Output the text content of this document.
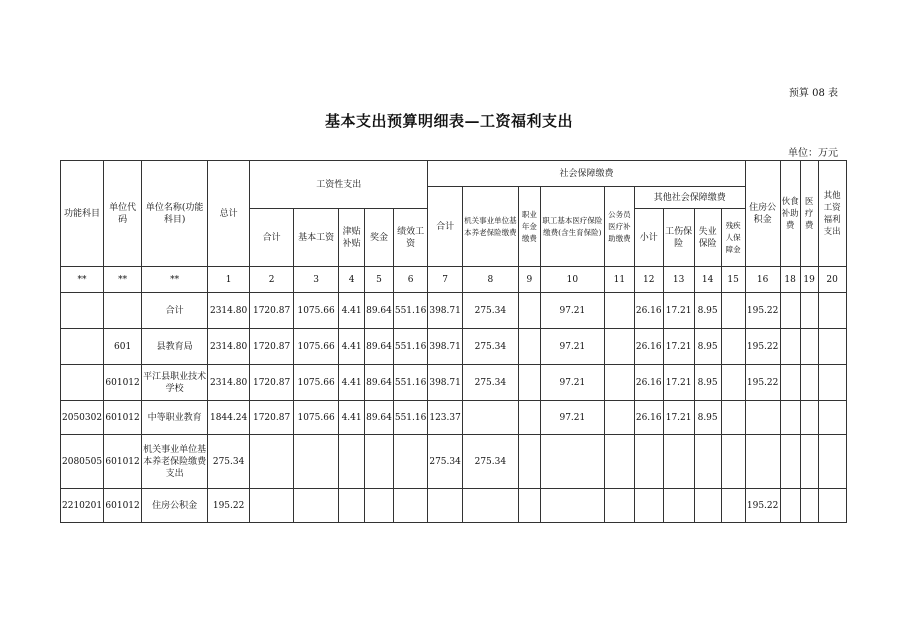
预算 08 表
基本支出预算明细表—工资福利支出
单位：万元
功能科目	单位代码	单位名称(功能科目)	总计	工资性支出					社会保障缴费									住房公积金	伙食补助费	医疗费	其他工资福利支出
									合计	机关事业单位基本养老保险缴费	职业年金缴费	职工基本医疗保险缴费(含生育保险)	公务员医疗补助缴费	其他社会保障缴费							
				合计	基本工资	津贴补贴	奖金	绩效工资						小计	工伤保险	失业保险	残疾人保障金				
**	**	**	1	2	3	4	5	6	7	8	9	10	11	12	13	14	15	16	18	19	20
		合计	2314.80	1720.87	1075.66	4.41	89.64	551.16	398.71	275.34		97.21		26.16	17.21	8.95		195.22			
	601	县教育局	2314.80	1720.87	1075.66	4.41	89.64	551.16	398.71	275.34		97.21		26.16	17.21	8.95		195.22			
	601012	平江县职业技术学校	2314.80	1720.87	1075.66	4.41	89.64	551.16	398.71	275.34		97.21		26.16	17.21	8.95		195.22			
2050302	601012	中等职业教育	1844.24	1720.87	1075.66	4.41	89.64	551.16	123.37			97.21		26.16	17.21	8.95					
2080505	601012	机关事业单位基本养老保险缴费支出	275.34						275.34	275.34											
2210201	601012	住房公积金	195.22															195.22			
